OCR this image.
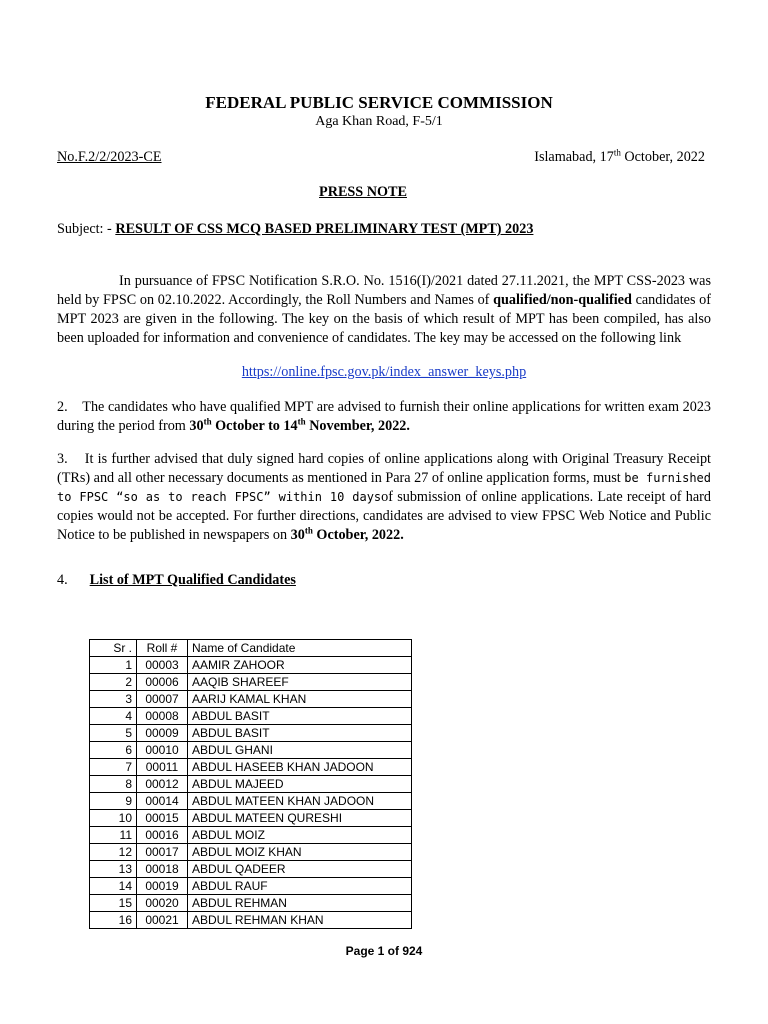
FEDERAL PUBLIC SERVICE COMMISSION
Aga Khan Road, F-5/1
No.F.2/2/2023-CE	Islamabad, 17th October, 2022
PRESS NOTE
Subject: - RESULT OF CSS MCQ BASED PRELIMINARY TEST (MPT) 2023
In pursuance of FPSC Notification S.R.O. No. 1516(I)/2021 dated 27.11.2021, the MPT CSS-2023 was held by FPSC on 02.10.2022. Accordingly, the Roll Numbers and Names of qualified/non-qualified candidates of MPT 2023 are given in the following. The key on the basis of which result of MPT has been compiled, has also been uploaded for information and convenience of candidates. The key may be accessed on the following link
https://online.fpsc.gov.pk/index_answer_keys.php
2. The candidates who have qualified MPT are advised to furnish their online applications for written exam 2023 during the period from 30th October to 14th November, 2022.
3. It is further advised that duly signed hard copies of online applications along with Original Treasury Receipt (TRs) and all other necessary documents as mentioned in Para 27 of online application forms, must be furnished to FPSC “so as to reach FPSC” within 10 daysof submission of online applications. Late receipt of hard copies would not be accepted. For further directions, candidates are advised to view FPSC Web Notice and Public Notice to be published in newspapers on 30th October, 2022.
4. List of MPT Qualified Candidates
Sr .	Roll #	Name of Candidate
1	00003	AAMIR ZAHOOR
2	00006	AAQIB SHAREEF
3	00007	AARIJ KAMAL KHAN
4	00008	ABDUL BASIT
5	00009	ABDUL BASIT
6	00010	ABDUL GHANI
7	00011	ABDUL HASEEB KHAN JADOON
8	00012	ABDUL MAJEED
9	00014	ABDUL MATEEN KHAN JADOON
10	00015	ABDUL MATEEN QURESHI
11	00016	ABDUL MOIZ
12	00017	ABDUL MOIZ KHAN
13	00018	ABDUL QADEER
14	00019	ABDUL RAUF
15	00020	ABDUL REHMAN
16	00021	ABDUL REHMAN KHAN
Page 1 of 924
